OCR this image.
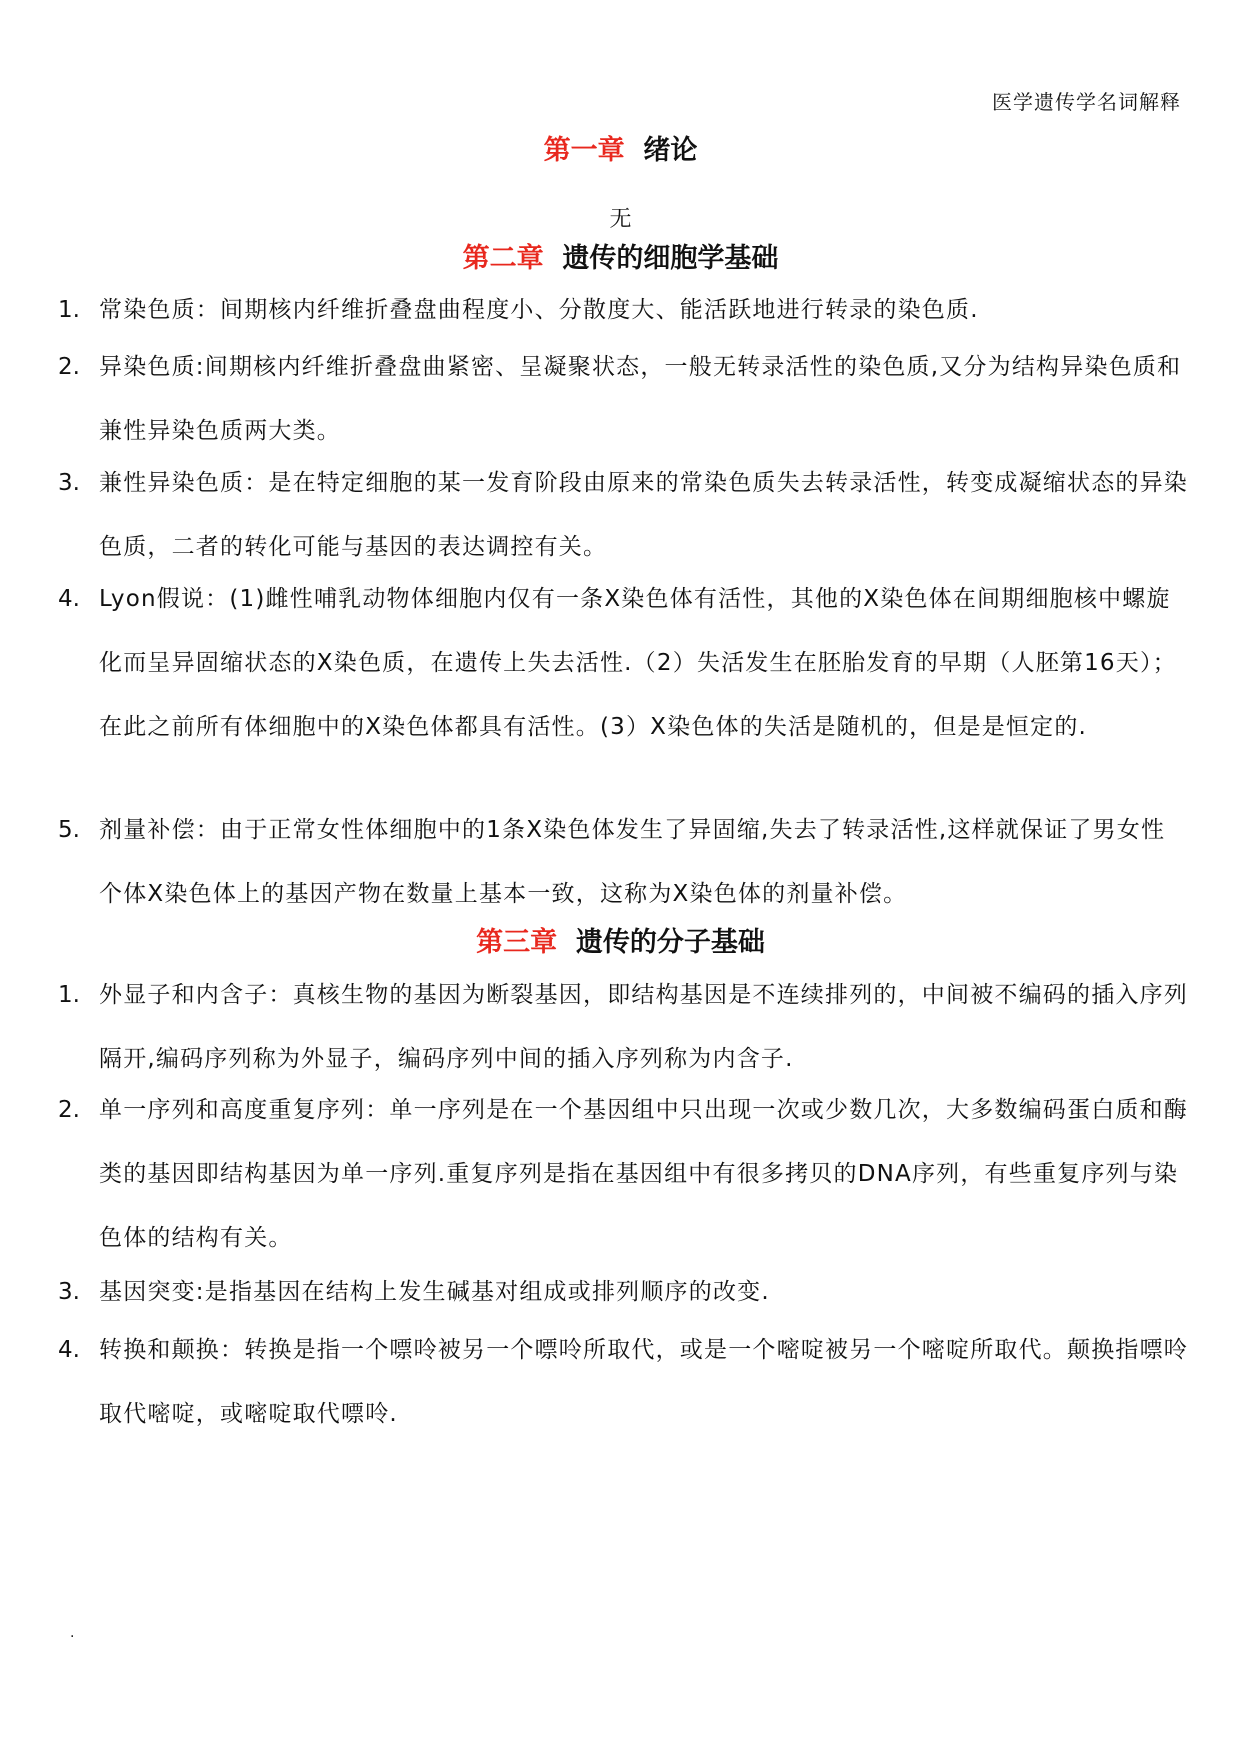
医学遗传学名词解释
第一章 绪论
无
第二章 遗传的细胞学基础
1. 常染色质：间期核内纤维折叠盘曲程度小、分散度大、能活跃地进行转录的染色质.
2. 异染色质:间期核内纤维折叠盘曲紧密、呈凝聚状态，一般无转录活性的染色质,又分为结构异染色质和兼性异染色质两大类。
3. 兼性异染色质：是在特定细胞的某一发育阶段由原来的常染色质失去转录活性，转变成凝缩状态的异染色质，二者的转化可能与基因的表达调控有关。
4. Lyon假说：(1)雌性哺乳动物体细胞内仅有一条X染色体有活性，其他的X染色体在间期细胞核中螺旋化而呈异固缩状态的X染色质，在遗传上失去活性.（2）失活发生在胚胎发育的早期（人胚第16天）；在此之前所有体细胞中的X染色体都具有活性。(3）X染色体的失活是随机的，但是是恒定的.
5. 剂量补偿：由于正常女性体细胞中的1条X染色体发生了异固缩,失去了转录活性,这样就保证了男女性个体X染色体上的基因产物在数量上基本一致，这称为X染色体的剂量补偿。
第三章 遗传的分子基础
1. 外显子和内含子：真核生物的基因为断裂基因，即结构基因是不连续排列的，中间被不编码的插入序列隔开,编码序列称为外显子，编码序列中间的插入序列称为内含子.
2. 单一序列和高度重复序列：单一序列是在一个基因组中只出现一次或少数几次，大多数编码蛋白质和酶类的基因即结构基因为单一序列.重复序列是指在基因组中有很多拷贝的DNA序列，有些重复序列与染色体的结构有关。
3. 基因突变:是指基因在结构上发生碱基对组成或排列顺序的改变.
4. 转换和颠换：转换是指一个嘌呤被另一个嘌呤所取代，或是一个嘧啶被另一个嘧啶所取代。颠换指嘌呤取代嘧啶，或嘧啶取代嘌呤.
.
